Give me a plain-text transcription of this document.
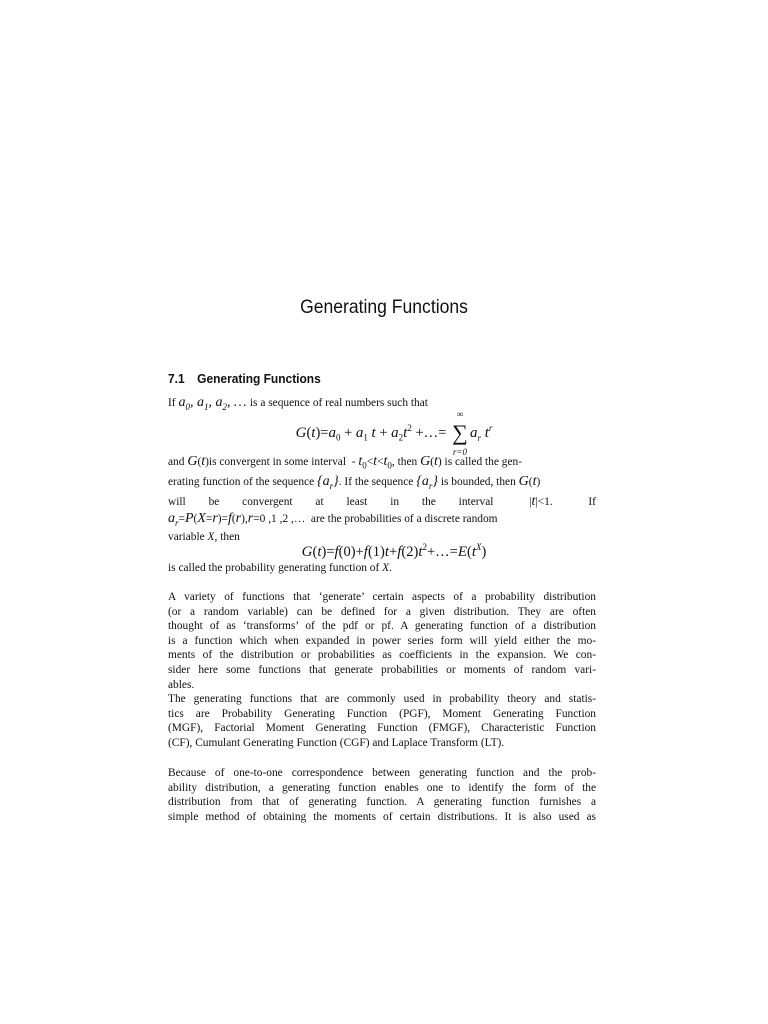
Generating Functions
7.1 Generating Functions
If $a_0$, $a_1$, $a_2$, … is a sequence of real numbers such that
$G(t)=a_0 + a_1$ $t + a_2t^2$ +…=
∞
∑
r=0
$a_r$ $t^r$
and G(t)is convergent in some interval  - $t_0<t<t_0$, then G(t) is called the gen-
erating function of the sequence $\{a_r\}$. If the sequence $\{a_r\}$ is bounded, then G(t)
will be convergent at least in the interval	|t|<1.	If
$a_r=P(X=r)=f(r),r=0$ ,1 ,2 ,…  are the probabilities of a discrete random
variable X, then
$G(t)=f(0)+f(1)t+f(2)t^2+\dots=E(t^X)$
is called the probability generating function of X.
A variety of functions that ‘generate’ certain aspects of a probability distribution
(or a random variable) can be defined for a given distribution. They are often
thought of as ‘transforms’ of the pdf or pf. A generating function of a distribution
is a function which when expanded in power series form will yield either the mo-
ments of the distribution or probabilities as coefficients in the expansion. We con-
sider here some functions that generate probabilities or moments of random vari-
ables.
The generating functions that are commonly used in probability theory and statis-
tics are Probability Generating Function (PGF), Moment Generating Function
(MGF), Factorial Moment Generating Function (FMGF), Characteristic Function
(CF), Cumulant Generating Function (CGF) and Laplace Transform (LT).
Because of one-to-one correspondence between generating function and the prob-
ability distribution, a generating function enables one to identify the form of the
distribution from that of generating function. A generating function furnishes a
simple method of obtaining the moments of certain distributions. It is also used as
